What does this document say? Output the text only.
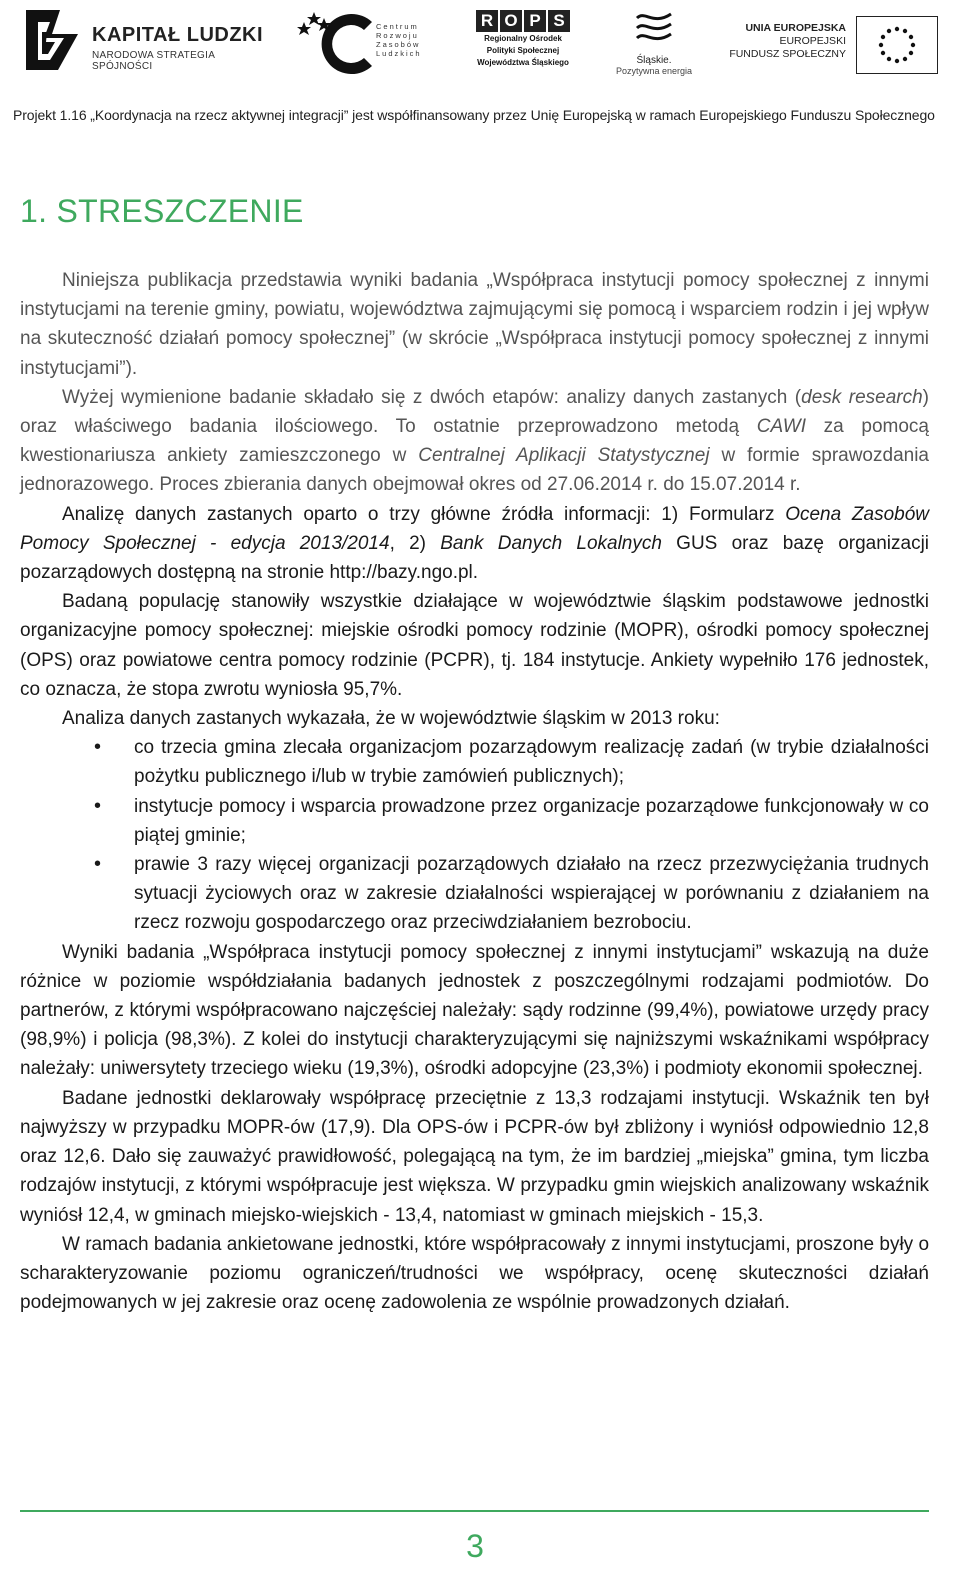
KAPITAŁ LUDZKI
NARODOWA STRATEGIA SPÓJNOŚCI
Centrum
Rozwoju
Zasobów
Ludzkich
R O P S
Regionalny Ośrodek
Polityki Społecznej
Województwa Śląskiego	Śląskie.
Pozytywna energia
UNIA EUROPEJSKA
EUROPEJSKI
FUNDUSZ SPOŁECZNY
Projekt 1.16 „Koordynacja na rzecz aktywnej integracji” jest współfinansowany przez Unię Europejską w ramach Europejskiego Funduszu Społecznego
1. STRESZCZENIE

Niniejsza publikacja przedstawia wyniki badania „Współpraca instytucji pomocy społecznej z innymi instytucjami na terenie gminy, powiatu, województwa zajmującymi się pomocą i wsparciem rodzin i jej wpływ na skuteczność działań pomocy społecznej” (w skrócie „Współpraca instytucji pomocy społecznej z innymi instytucjami”).

Wyżej wymienione badanie składało się z dwóch etapów: analizy danych zastanych (desk research) oraz właściwego badania ilościowego. To ostatnie przeprowadzono metodą CAWI za pomocą kwestionariusza ankiety zamieszczonego w Centralnej Aplikacji Statystycznej w formie sprawozdania jednorazowego. Proces zbierania danych obejmował okres od 27.06.2014 r. do 15.07.2014 r.

Analizę danych zastanych oparto o trzy główne źródła informacji: 1) Formularz Ocena Zasobów Pomocy Społecznej - edycja 2013/2014, 2) Bank Danych Lokalnych GUS oraz bazę organizacji pozarządowych dostępną na stronie http://bazy.ngo.pl.

Badaną populację stanowiły wszystkie działające w województwie śląskim podstawowe jednostki organizacyjne pomocy społecznej: miejskie ośrodki pomocy rodzinie (MOPR), ośrodki pomocy społecznej (OPS) oraz powiatowe centra pomocy rodzinie (PCPR), tj. 184 instytucje. Ankiety wypełniło 176 jednostek, co oznacza, że stopa zwrotu wyniosła 95,7%.

Analiza danych zastanych wykazała, że w województwie śląskim w 2013 roku:

• co trzecia gmina zlecała organizacjom pozarządowym realizację zadań (w trybie działalności pożytku publicznego i/lub w trybie zamówień publicznych);
• instytucje pomocy i wsparcia prowadzone przez organizacje pozarządowe funkcjonowały w co piątej gminie;
• prawie 3 razy więcej organizacji pozarządowych działało na rzecz przezwyciężania trudnych sytuacji życiowych oraz w zakresie działalności wspierającej w porównaniu z działaniem na rzecz rozwoju gospodarczego oraz przeciwdziałaniem bezrobociu.

Wyniki badania „Współpraca instytucji pomocy społecznej z innymi instytucjami” wskazują na duże różnice w poziomie współdziałania badanych jednostek z poszczególnymi rodzajami podmiotów. Do partnerów, z którymi współpracowano najczęściej należały: sądy rodzinne (99,4%), powiatowe urzędy pracy (98,9%) i policja (98,3%). Z kolei do instytucji charakteryzującymi się najniższymi wskaźnikami współpracy należały: uniwersytety trzeciego wieku (19,3%), ośrodki adopcyjne (23,3%) i podmioty ekonomii społecznej.

Badane jednostki deklarowały współpracę przeciętnie z 13,3 rodzajami instytucji. Wskaźnik ten był najwyższy w przypadku MOPR-ów (17,9). Dla OPS-ów i PCPR-ów był zbliżony i wyniósł odpowiednio 12,8 oraz 12,6. Dało się zauważyć prawidłowość, polegającą na tym, że im bardziej „miejska” gmina, tym liczba rodzajów instytucji, z którymi współpracuje jest większa. W przypadku gmin wiejskich analizowany wskaźnik wyniósł 12,4, w gminach miejsko-wiejskich - 13,4, natomiast w gminach miejskich - 15,3.

W ramach badania ankietowane jednostki, które współpracowały z innymi instytucjami, proszone były o scharakteryzowanie poziomu ograniczeń/trudności we współpracy, ocenę skuteczności działań podejmowanych w jej zakresie oraz ocenę zadowolenia ze wspólnie prowadzonych działań.

3
